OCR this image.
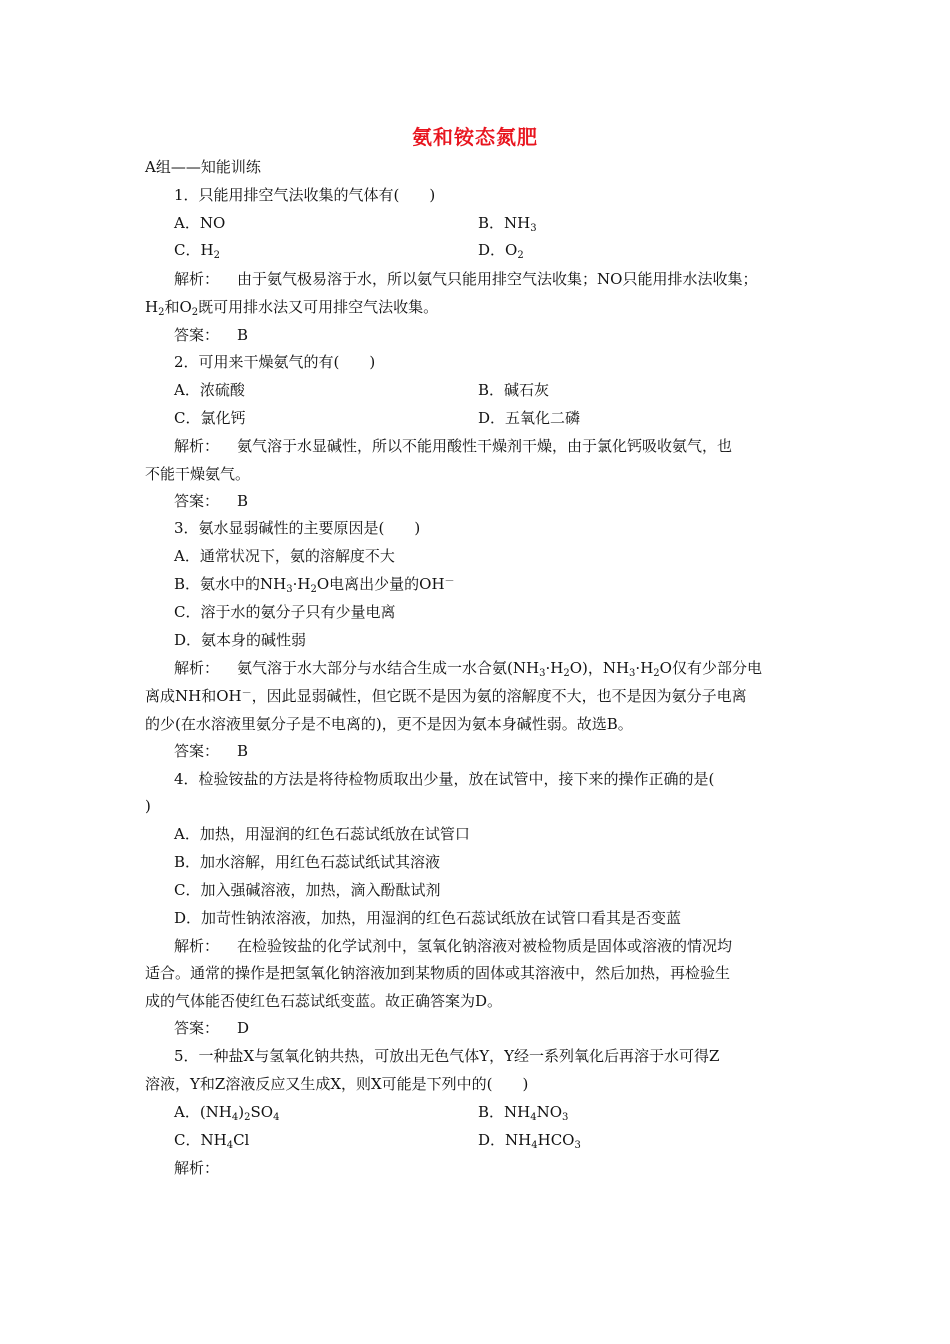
氨和铵态氮肥
A组——知能训练
1．只能用排空气法收集的气体有(　　)
A．NO	B．$NH_3$
C．$H_2$	D．$O_2$
解析： 由于氨气极易溶于水，所以氨气只能用排空气法收集；NO只能用排水法收集；
$H_2$和$O_2$既可用排水法又可用排空气法收集。
答案： B
2．可用来干燥氨气的有(　　)
A．浓硫酸	B．碱石灰
C．氯化钙	D．五氧化二磷
解析： 氨气溶于水显碱性，所以不能用酸性干燥剂干燥，由于氯化钙吸收氨气，也
不能干燥氨气。
答案： B
3．氨水显弱碱性的主要原因是(　　)
A．通常状况下，氨的溶解度不大
B．氨水中的$NH_3\cdot H_2O$电离出少量的OH－
C．溶于水的氨分子只有少量电离
D．氨本身的碱性弱
解析： 氨气溶于水大部分与水结合生成一水合氨$(NH_3\cdot H_2O)$，$NH_3\cdot H_2O$仅有少部分电
离成NH和OH－，因此显弱碱性，但它既不是因为氨的溶解度不大，也不是因为氨分子电离
的少(在水溶液里氨分子是不电离的)，更不是因为氨本身碱性弱。故选B。
答案： B
4．检验铵盐的方法是将待检物质取出少量，放在试管中，接下来的操作正确的是(
)
A．加热，用湿润的红色石蕊试纸放在试管口
B．加水溶解，用红色石蕊试纸试其溶液
C．加入强碱溶液，加热，滴入酚酞试剂
D．加苛性钠浓溶液，加热，用湿润的红色石蕊试纸放在试管口看其是否变蓝
解析： 在检验铵盐的化学试剂中，氢氧化钠溶液对被检物质是固体或溶液的情况均
适合。通常的操作是把氢氧化钠溶液加到某物质的固体或其溶液中，然后加热，再检验生
成的气体能否使红色石蕊试纸变蓝。故正确答案为D。
答案： D
5．一种盐X与氢氧化钠共热，可放出无色气体Y，Y经一系列氧化后再溶于水可得Z
溶液，Y和Z溶液反应又生成X，则X可能是下列中的(　　)
A．$(NH_4)_2SO_4$	B．$NH_4NO_3$
C．$NH_4Cl$	D．$NH_4HCO_3$
解析：
